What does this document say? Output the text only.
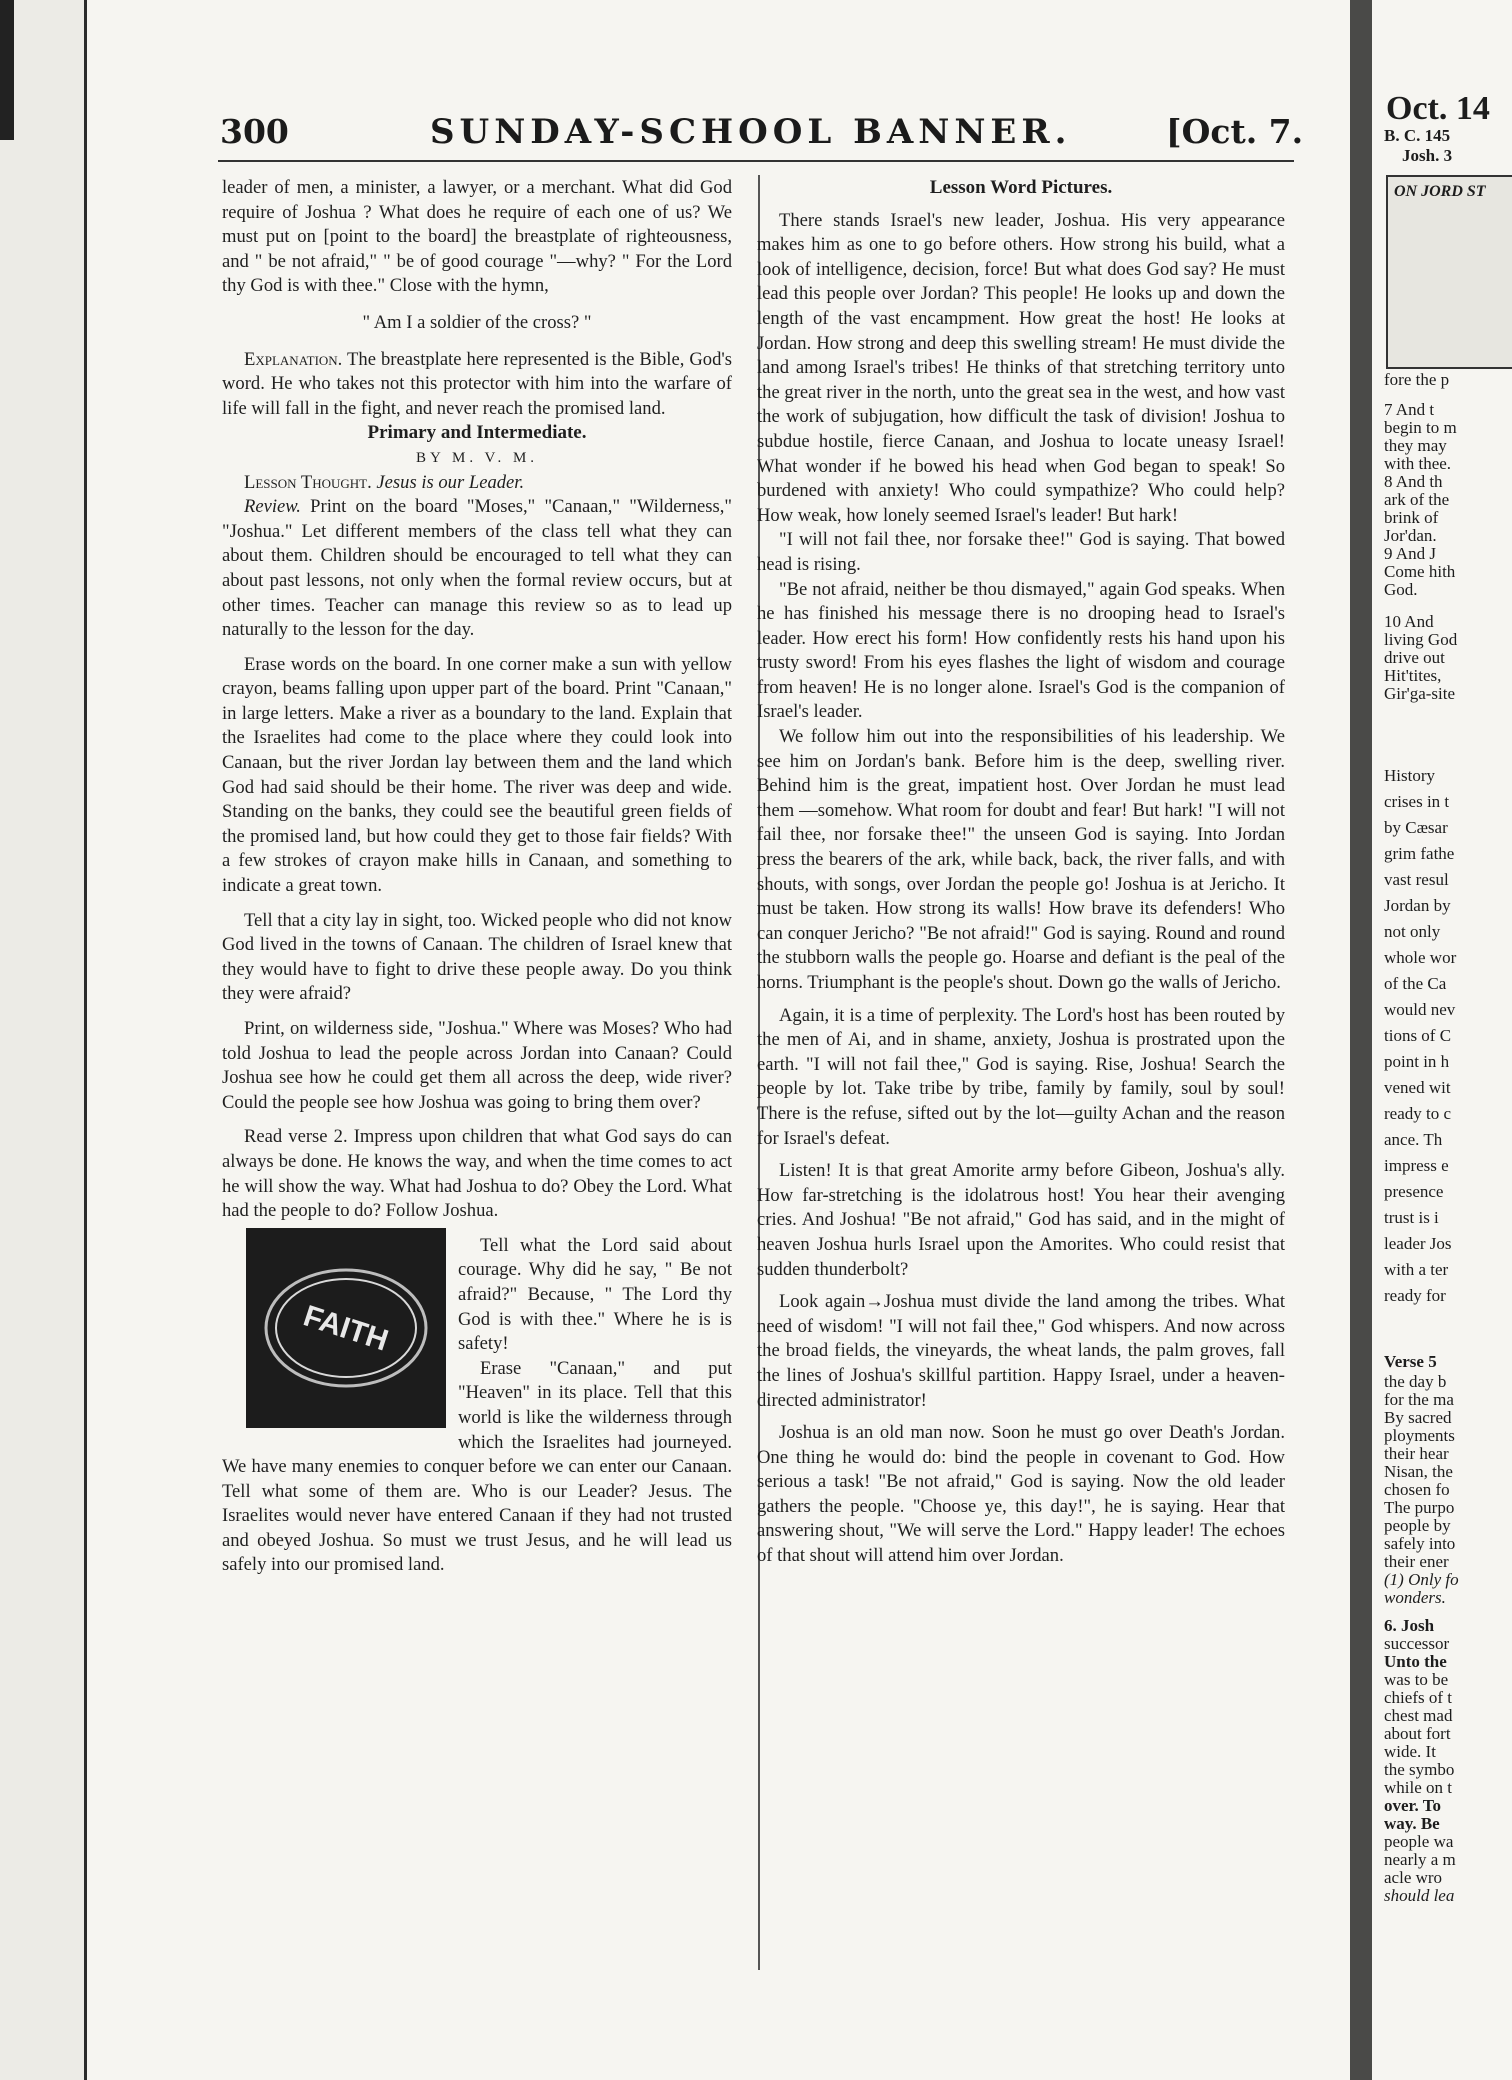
300	SUNDAY-SCHOOL BANNER.	[Oct. 7.

leader of men, a minister, a lawyer, or a merchant. What did God require of Joshua ? What does he require of each one of us? We must put on [point to the board] the breastplate of righteousness, and " be not afraid," " be of good courage "—why? " For the Lord thy God is with thee." Close with the hymn,

" Am I a soldier of the cross? "

Explanation. The breastplate here represented is the Bible, God's word. He who takes not this protector with him into the warfare of life will fall in the fight, and never reach the promised land.

Primary and Intermediate.

BY M. V. M.

Lesson Thought. Jesus is our Leader.

Review. Print on the board "Moses," "Canaan," "Wilderness," "Joshua." Let different members of the class tell what they can about them. Children should be encouraged to tell what they can about past lessons, not only when the formal review occurs, but at other times. Teacher can manage this review so as to lead up naturally to the lesson for the day.

Erase words on the board. In one corner make a sun with yellow crayon, beams falling upon upper part of the board. Print "Canaan," in large letters. Make a river as a boundary to the land. Explain that the Israelites had come to the place where they could look into Canaan, but the river Jordan lay between them and the land which God had said should be their home. The river was deep and wide. Standing on the banks, they could see the beautiful green fields of the promised land, but how could they get to those fair fields? With a few strokes of crayon make hills in Canaan, and something to indicate a great town.

Tell that a city lay in sight, too. Wicked people who did not know God lived in the towns of Canaan. The children of Israel knew that they would have to fight to drive these people away. Do you think they were afraid?

Print, on wilderness side, "Joshua." Where was Moses? Who had told Joshua to lead the people across Jordan into Canaan? Could Joshua see how he could get them all across the deep, wide river? Could the people see how Joshua was going to bring them over?

Read verse 2. Impress upon children that what God says do can always be done. He knows the way, and when the time comes to act he will show the way. What had Joshua to do? Obey the Lord. What had the people to do? Follow Joshua.

FAITH

Tell what the Lord said about courage. Why did he say, " Be not afraid?" Because, " The Lord thy God is with thee." Where he is is safety!

Erase "Canaan," and put "Heaven" in its place. Tell that this world is like the wilderness through which the Israelites had journeyed. We have many enemies to conquer before we can enter our Canaan. Tell what some of them are. Who is our Leader? Jesus. The Israelites would never have entered Canaan if they had not trusted and obeyed Joshua. So must we trust Jesus, and he will lead us safely into our promised land.

Lesson Word Pictures.

There stands Israel's new leader, Joshua. His very appearance makes him as one to go before others. How strong his build, what a look of intelligence, decision, force! But what does God say? He must lead this people over Jordan? This people! He looks up and down the length of the vast encampment. How great the host! He looks at Jordan. How strong and deep this swelling stream! He must divide the land among Israel's tribes! He thinks of that stretching territory unto the great river in the north, unto the great sea in the west, and how vast the work of subjugation, how difficult the task of division! Joshua to subdue hostile, fierce Canaan, and Joshua to locate uneasy Israel! What wonder if he bowed his head when God began to speak! So burdened with anxiety! Who could sympathize? Who could help? How weak, how lonely seemed Israel's leader! But hark!

"I will not fail thee, nor forsake thee!" God is saying. That bowed head is rising.

"Be not afraid, neither be thou dismayed," again God speaks. When he has finished his message there is no drooping head to Israel's leader. How erect his form! How confidently rests his hand upon his trusty sword! From his eyes flashes the light of wisdom and courage from heaven! He is no longer alone. Israel's God is the companion of Israel's leader.

We follow him out into the responsibilities of his leadership. We see him on Jordan's bank. Before him is the deep, swelling river. Behind him is the great, impatient host. Over Jordan he must lead them —somehow. What room for doubt and fear! But hark! "I will not fail thee, nor forsake thee!" the unseen God is saying. Into Jordan press the bearers of the ark, while back, back, the river falls, and with shouts, with songs, over Jordan the people go! Joshua is at Jericho. It must be taken. How strong its walls! How brave its defenders! Who can conquer Jericho? "Be not afraid!" God is saying. Round and round the stubborn walls the people go. Hoarse and defiant is the peal of the horns. Triumphant is the people's shout. Down go the walls of Jericho.

Again, it is a time of perplexity. The Lord's host has been routed by the men of Ai, and in shame, anxiety, Joshua is prostrated upon the earth. "I will not fail thee," God is saying. Rise, Joshua! Search the people by lot. Take tribe by tribe, family by family, soul by soul! There is the refuse, sifted out by the lot—guilty Achan and the reason for Israel's defeat.

Listen! It is that great Amorite army before Gibeon, Joshua's ally. How far-stretching is the idolatrous host! You hear their avenging cries. And Joshua! "Be not afraid," God has said, and in the might of heaven Joshua hurls Israel upon the Amorites. Who could resist that sudden thunderbolt?

Look again→Joshua must divide the land among the tribes. What need of wisdom! "I will not fail thee," God whispers. And now across the broad fields, the vineyards, the wheat lands, the palm groves, fall the lines of Joshua's skillful partition. Happy Israel, under a heaven-directed administrator!

Joshua is an old man now. Soon he must go over Death's Jordan. One thing he would do: bind the people in covenant to God. How serious a task! "Be not afraid," God is saying. Now the old leader gathers the people. "Choose ye, this day!", he is saying. Hear that answering shout, "We will serve the Lord." Happy leader! The echoes of that shout will attend him over Jordan.

Oct. 14
B. C. 145
Josh. 3
ON JORD ST
fore the p
7 And t
begin to m
they may
with thee.
8 And th
ark of the
brink of
Jor'dan.
9 And J
Come hith
God.
10 And
living God
drive out
Hit'tites,
Gir'ga-site
History
crises in t
by Cæsar
grim fathe
vast resul
Jordan by
not only
whole wor
of the Ca
would nev
tions of C
point in h
vened wit
ready to c
ance. Th
impress e
presence
trust is i
leader Jos
with a ter
ready for
Verse 5
the day b
for the ma
By sacred
ployments
their hear
Nisan, the
chosen fo
The purpo
people by
safely into
their ener
(1) Only fo
wonders.
6. Josh
successor
Unto the
was to be
chiefs of t
chest mad
about fort
wide. It
the symbo
while on t
over. To
way. Be
people wa
nearly a m
acle wro
should lea
